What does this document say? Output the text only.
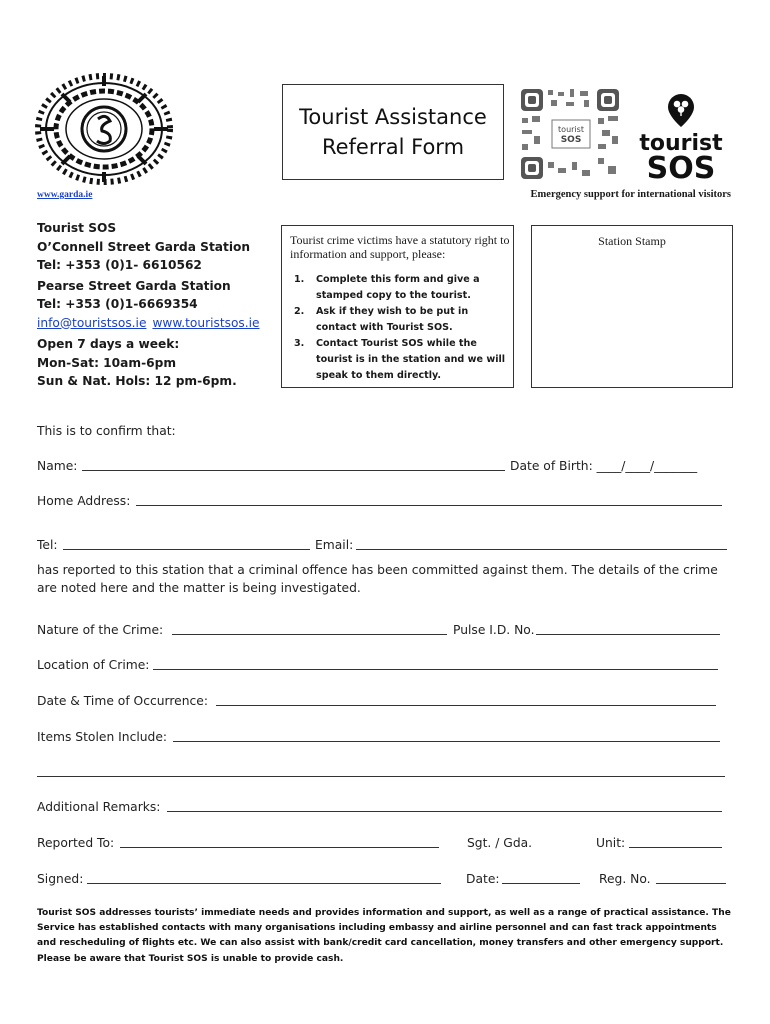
Tourist Assistance
Referral Form
tourist
SOS	tourist
SOS
www.garda.ie	Emergency support for international visitors
Tourist SOS
O’Connell Street Garda Station
Tel: +353 (0)1- 6610562
Pearse Street Garda Station
Tel: +353 (0)1-6669354
info@touristsos.ie www.touristsos.ie
Open 7 days a week:
Mon-Sat: 10am-6pm
Sun & Nat. Hols: 12 pm-6pm.
Tourist crime victims have a statutory right to information and support, please:
1.	Complete this form and give a stamped copy to the tourist.
2.	Ask if they wish to be put in contact with Tourist SOS.
3.	Contact Tourist SOS while the tourist is in the station and we will speak to them directly.
Station Stamp
This is to confirm that:
Name:	Date of Birth: ____/____/_______
Home Address:
Tel:	Email:
has reported to this station that a criminal offence has been committed against them. The details of the crime are noted here and the matter is being investigated.
Nature of the Crime:	Pulse I.D. No.
Location of Crime:
Date & Time of Occurrence:
Items Stolen Include:
Additional Remarks:
Reported To:	Sgt. / Gda.	Unit:
Signed:	Date:	Reg. No.
Tourist SOS addresses tourists’ immediate needs and provides information and support, as well as a range of practical assistance. The Service has established contacts with many organisations including embassy and airline personnel and can fast track appointments and rescheduling of flights etc. We can also assist with bank/credit card cancellation, money transfers and other emergency support. Please be aware that Tourist SOS is unable to provide cash.
